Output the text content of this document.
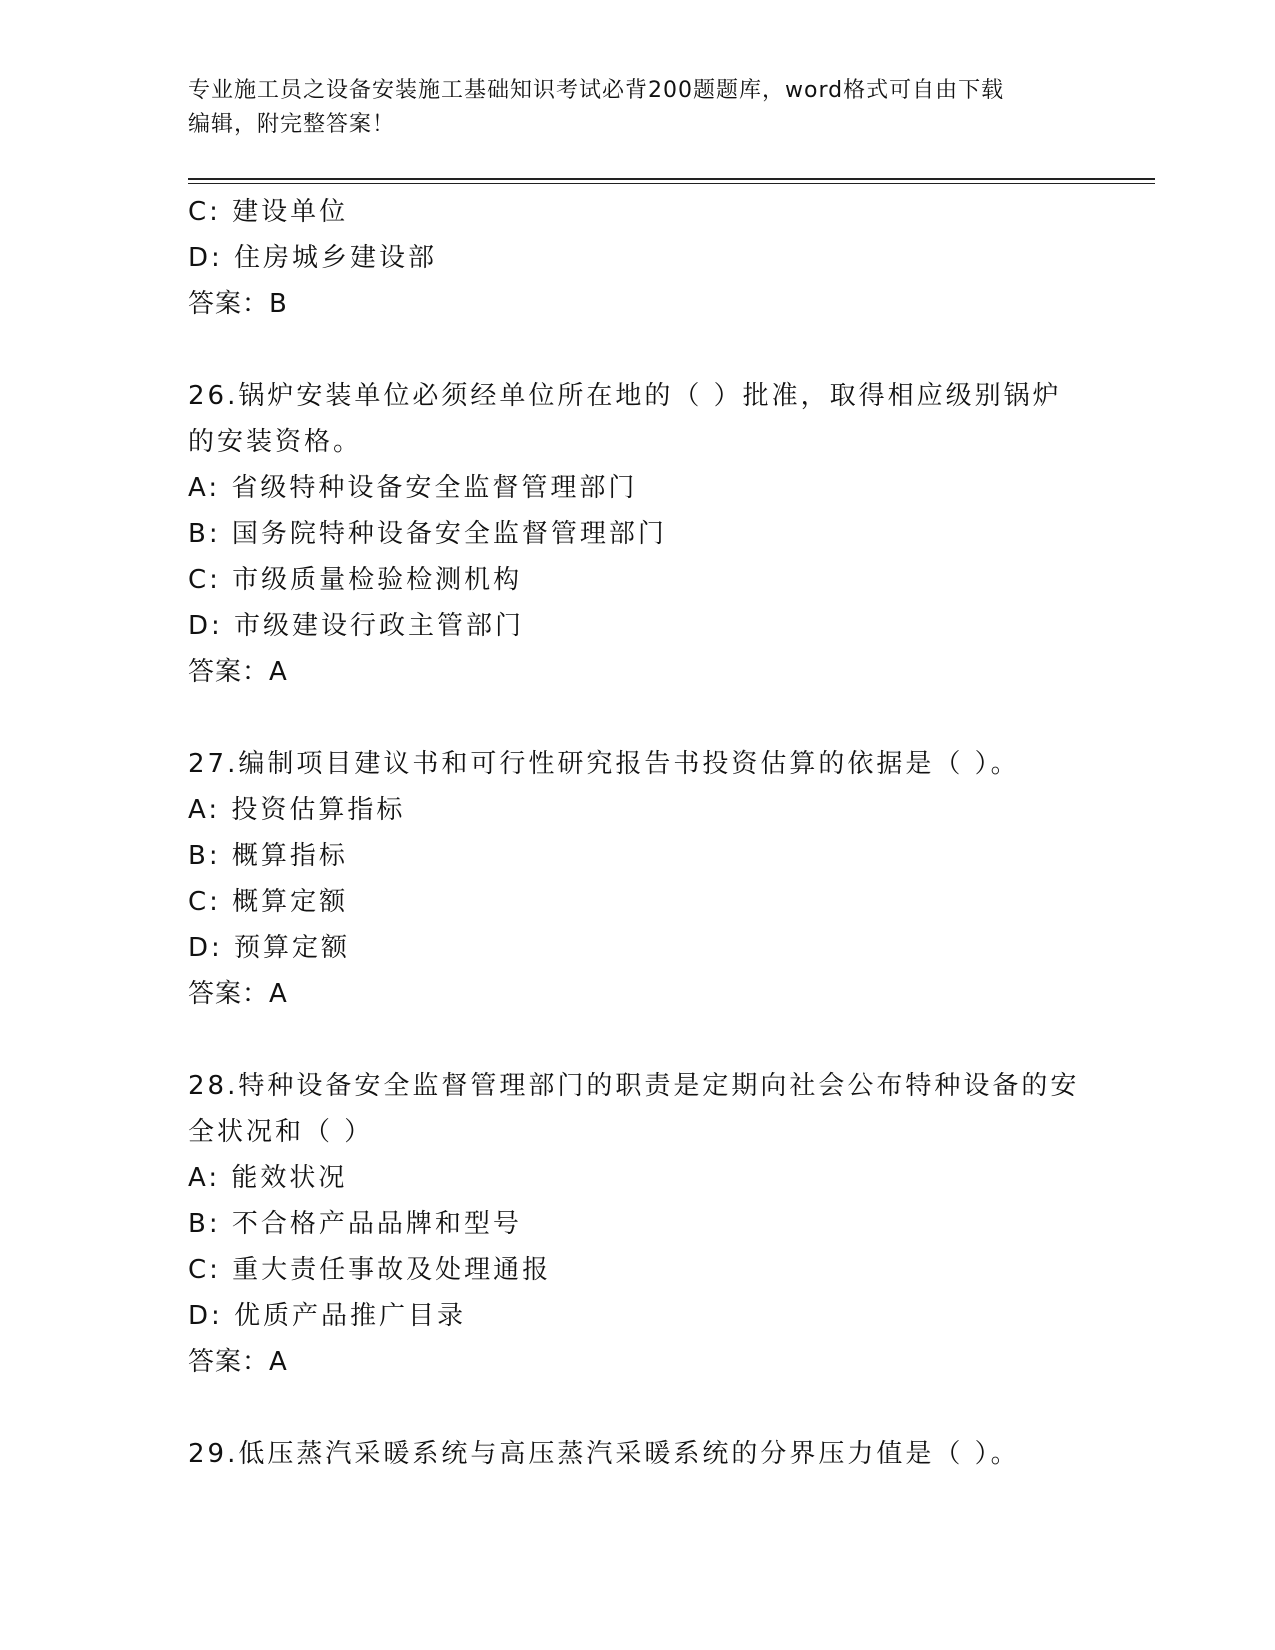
专业施工员之设备安装施工基础知识考试必背200题题库，word格式可自由下载
编辑，附完整答案！
C: 建设单位
D: 住房城乡建设部
答案：B
26.锅炉安装单位必须经单位所在地的（ ）批准，取得相应级别锅炉
的安装资格。
A: 省级特种设备安全监督管理部门
B: 国务院特种设备安全监督管理部门
C: 市级质量检验检测机构
D: 市级建设行政主管部门
答案：A
27.编制项目建议书和可行性研究报告书投资估算的依据是（ ）。
A: 投资估算指标
B: 概算指标
C: 概算定额
D: 预算定额
答案：A
28.特种设备安全监督管理部门的职责是定期向社会公布特种设备的安
全状况和（ ）
A: 能效状况
B: 不合格产品品牌和型号
C: 重大责任事故及处理通报
D: 优质产品推广目录
答案：A
29.低压蒸汽采暖系统与高压蒸汽采暖系统的分界压力值是（ ）。
